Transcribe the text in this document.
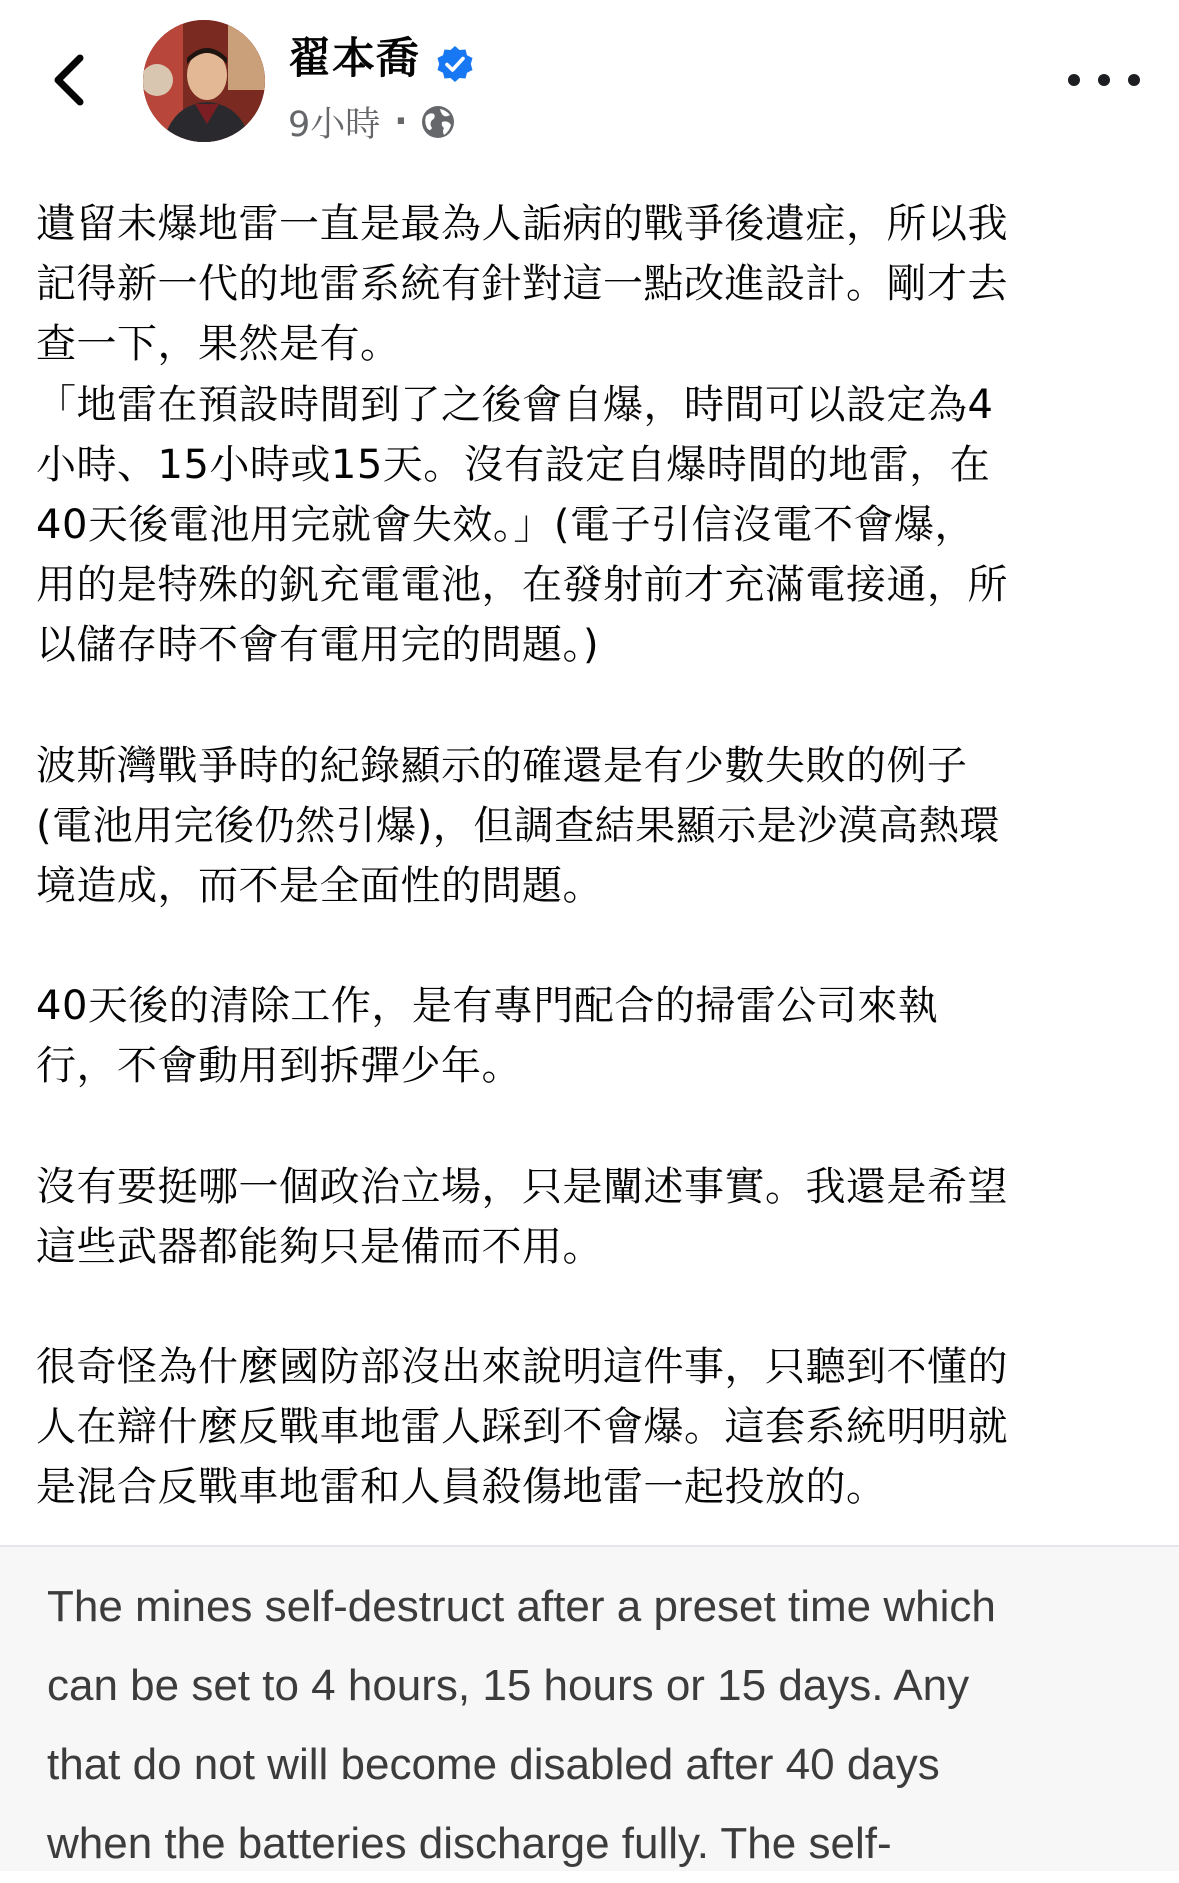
翟本喬
9小時 ·

遺留未爆地雷一直是最為人詬病的戰爭後遺症，所以我
記得新一代的地雷系統有針對這一點改進設計。剛才去
查一下，果然是有。
「地雷在預設時間到了之後會自爆，時間可以設定為4
小時、15小時或15天。沒有設定自爆時間的地雷，在
40天後電池用完就會失效。」(電子引信沒電不會爆，
用的是特殊的釩充電電池，在發射前才充滿電接通，所
以儲存時不會有電用完的問題。)

波斯灣戰爭時的紀錄顯示的確還是有少數失敗的例子
(電池用完後仍然引爆)，但調查結果顯示是沙漠高熱環
境造成，而不是全面性的問題。

40天後的清除工作，是有專門配合的掃雷公司來執
行，不會動用到拆彈少年。

沒有要挺哪一個政治立場，只是闡述事實。我還是希望
這些武器都能夠只是備而不用。

很奇怪為什麼國防部沒出來說明這件事，只聽到不懂的
人在辯什麼反戰車地雷人踩到不會爆。這套系統明明就
是混合反戰車地雷和人員殺傷地雷一起投放的。

The mines self-destruct after a preset time which
can be set to 4 hours, 15 hours or 15 days. Any
that do not will become disabled after 40 days
when the batteries discharge fully. The self-
